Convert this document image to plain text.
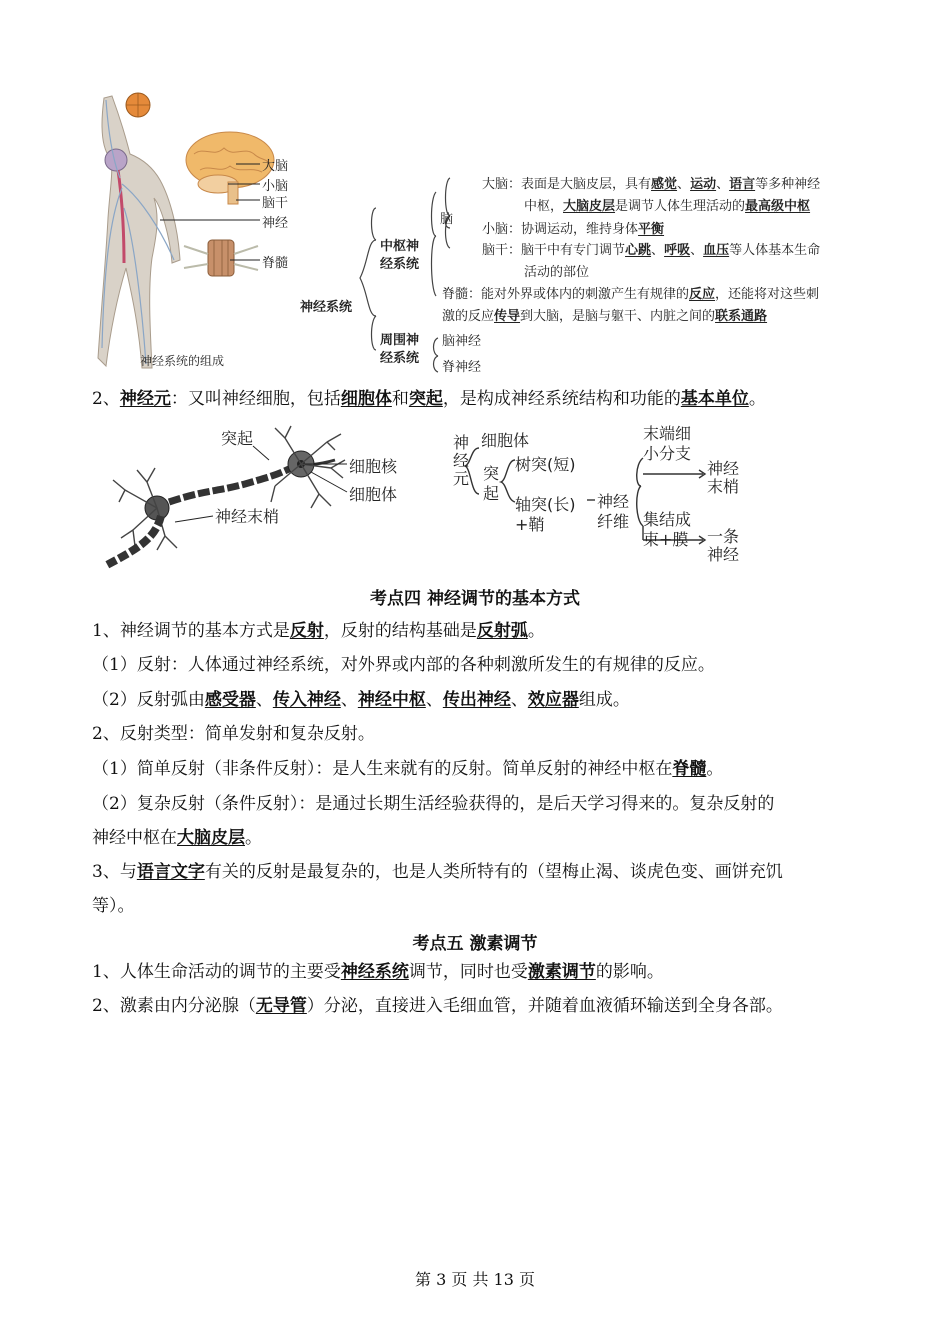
大脑
小脑
脑干
神经
脊髓
神经系统的组成
神经系统
中枢神
经系统
脑
大脑：表面是大脑皮层，具有感觉、运动、语言等多种神经
中枢，大脑皮层是调节人体生理活动的最高级中枢
小脑：协调运动，维持身体平衡
脑干：脑干中有专门调节心跳、呼吸、血压等人体基本生命
活动的部位
脊髓：能对外界或体内的刺激产生有规律的反应，还能将对这些刺
激的反应传导到大脑，是脑与躯干、内脏之间的联系通路
周围神
经系统
脑神经
脊神经
2、神经元：又叫神经细胞，包括细胞体和突起，是构成神经系统结构和功能的基本单位。
突起
细胞核
细胞体
神经末梢
神
经
元
细胞体
突
起
树突(短)
轴突(长)
+鞘
神经
纤维
末端细
小分支
神经
末梢
集结成
束+膜 一条
神经
考点四 神经调节的基本方式
1、神经调节的基本方式是反射，反射的结构基础是反射弧。
（1）反射：人体通过神经系统，对外界或内部的各种刺激所发生的有规律的反应。
（2）反射弧由感受器、传入神经、神经中枢、传出神经、效应器组成。
2、反射类型：简单发射和复杂反射。
（1）简单反射（非条件反射）：是人生来就有的反射。简单反射的神经中枢在脊髓。
（2）复杂反射（条件反射）：是通过长期生活经验获得的，是后天学习得来的。复杂反射的
神经中枢在大脑皮层。
3、与语言文字有关的反射是最复杂的，也是人类所特有的（望梅止渴、谈虎色变、画饼充饥
等）。
考点五 激素调节
1、人体生命活动的调节的主要受神经系统调节，同时也受激素调节的影响。
2、激素由内分泌腺（无导管）分泌，直接进入毛细血管，并随着血液循环输送到全身各部。
第 3 页 共 13 页
